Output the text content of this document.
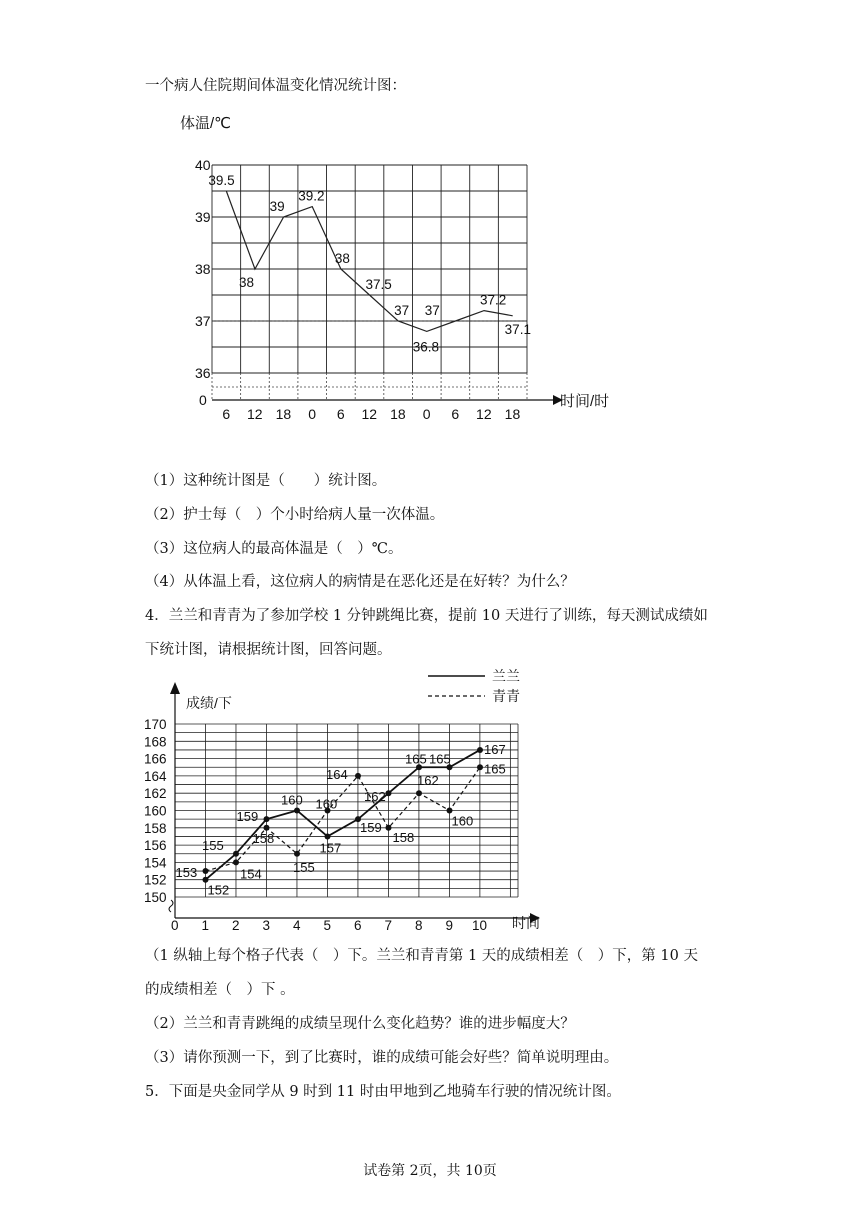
一个病人住院期间体温变化情况统计图：
40
39
38
37
36
0
6 12 18 0 6 12 18 0 6 12 18
39.5
38
39
39.2
38
37.5
37 37
36.8
37.2
37.1
体温/℃
时间/时
（1）这种统计图是（　　）统计图。
（2）护士每（　）个小时给病人量一次体温。
（3）这位病人的最高体温是（　）℃。
（4）从体温上看，这位病人的病情是在恶化还是在好转？为什么？
4．兰兰和青青为了参加学校 1 分钟跳绳比赛，提前 10 天进行了训练，每天测试成绩如
下统计图，请根据统计图，回答问题。
170
168
166
164
162
160
158
156
154
152
150
0 1 2 3 4 5 6 7 8 9 10
153
152
155
154
159
158
160
155
160
157
164
162
159
158
165 165
162
160
167
165
兰兰
青青
成绩/下
时间
（1 纵轴上每个格子代表（　）下。兰兰和青青第 1 天的成绩相差（　）下，第 10 天
的成绩相差（　）下 。
（2）兰兰和青青跳绳的成绩呈现什么变化趋势？谁的进步幅度大？
（3）请你预测一下，到了比赛时，谁的成绩可能会好些？简单说明理由。
5．下面是央金同学从 9 时到 11 时由甲地到乙地骑车行驶的情况统计图。
试卷第 2页，共 10页
